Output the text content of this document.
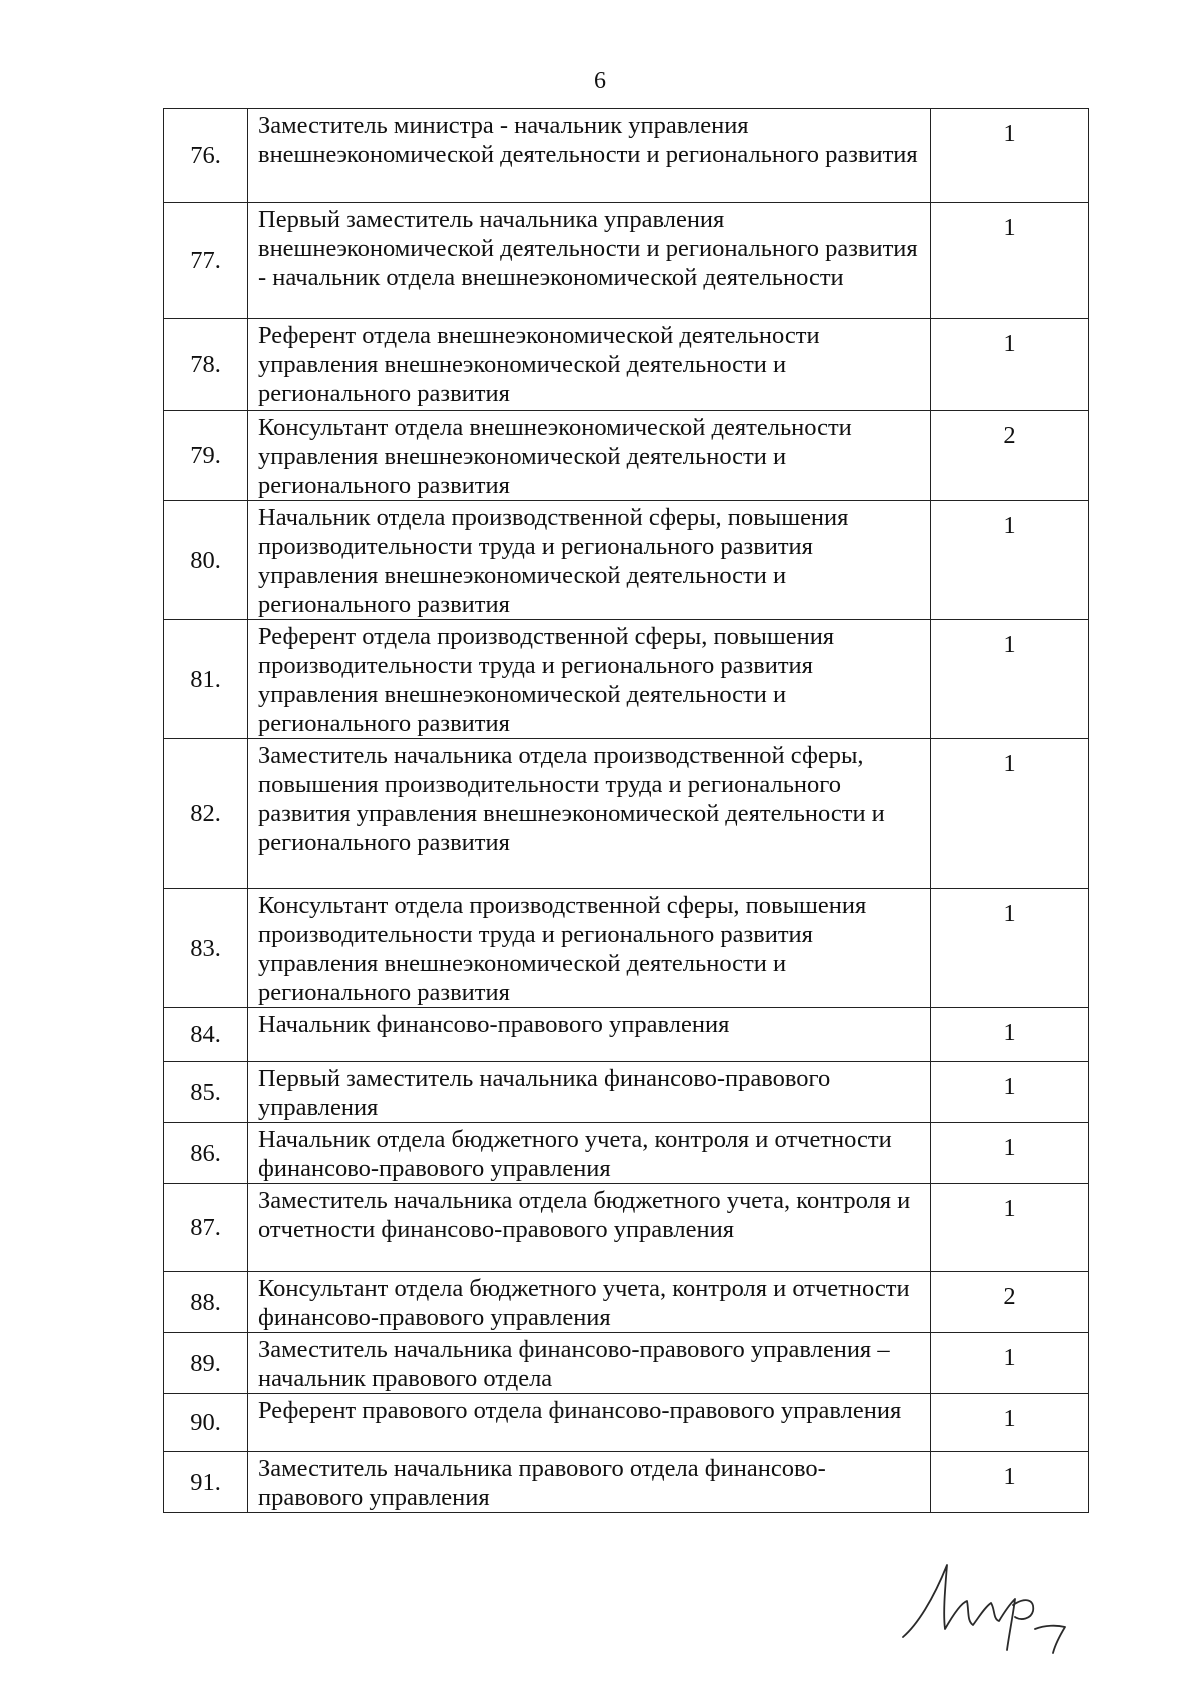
6
76.	Заместитель министра - начальник управления внешнеэкономической деятельности и регионального развития	1
77.	Первый заместитель начальника управления внешнеэкономической деятельности и регионального развития - начальник отдела внешнеэкономической деятельности	1
78.	Референт отдела внешнеэкономической деятельности управления внешнеэкономической деятельности и регионального развития	1
79.	Консультант отдела внешнеэкономической деятельности управления внешнеэкономической деятельности и регионального развития	2
80.	Начальник отдела производственной сферы, повышения производительности труда и регионального развития управления внешнеэкономической деятельности и регионального развития	1
81.	Референт отдела производственной сферы, повышения производительности труда и регионального развития управления внешнеэкономической деятельности и регионального развития	1
82.	Заместитель начальника отдела производственной сферы, повышения производительности труда и регионального развития управления внешнеэкономической деятельности и регионального развития	1
83.	Консультант отдела производственной сферы, повышения производительности труда и регионального развития управления внешнеэкономической деятельности и регионального развития	1
84.	Начальник финансово-правового управления	1
85.	Первый заместитель начальника финансово-правового управления	1
86.	Начальник отдела бюджетного учета, контроля и отчетности финансово-правового управления	1
87.	Заместитель начальника отдела бюджетного учета, контроля и отчетности финансово-правового управления	1
88.	Консультант отдела бюджетного учета, контроля и отчетности финансово-правового управления	2
89.	Заместитель начальника финансово-правового управления – начальник правового отдела	1
90.	Референт правового отдела финансово-правового управления	1
91.	Заместитель начальника правового отдела финансово-правового управления	1
